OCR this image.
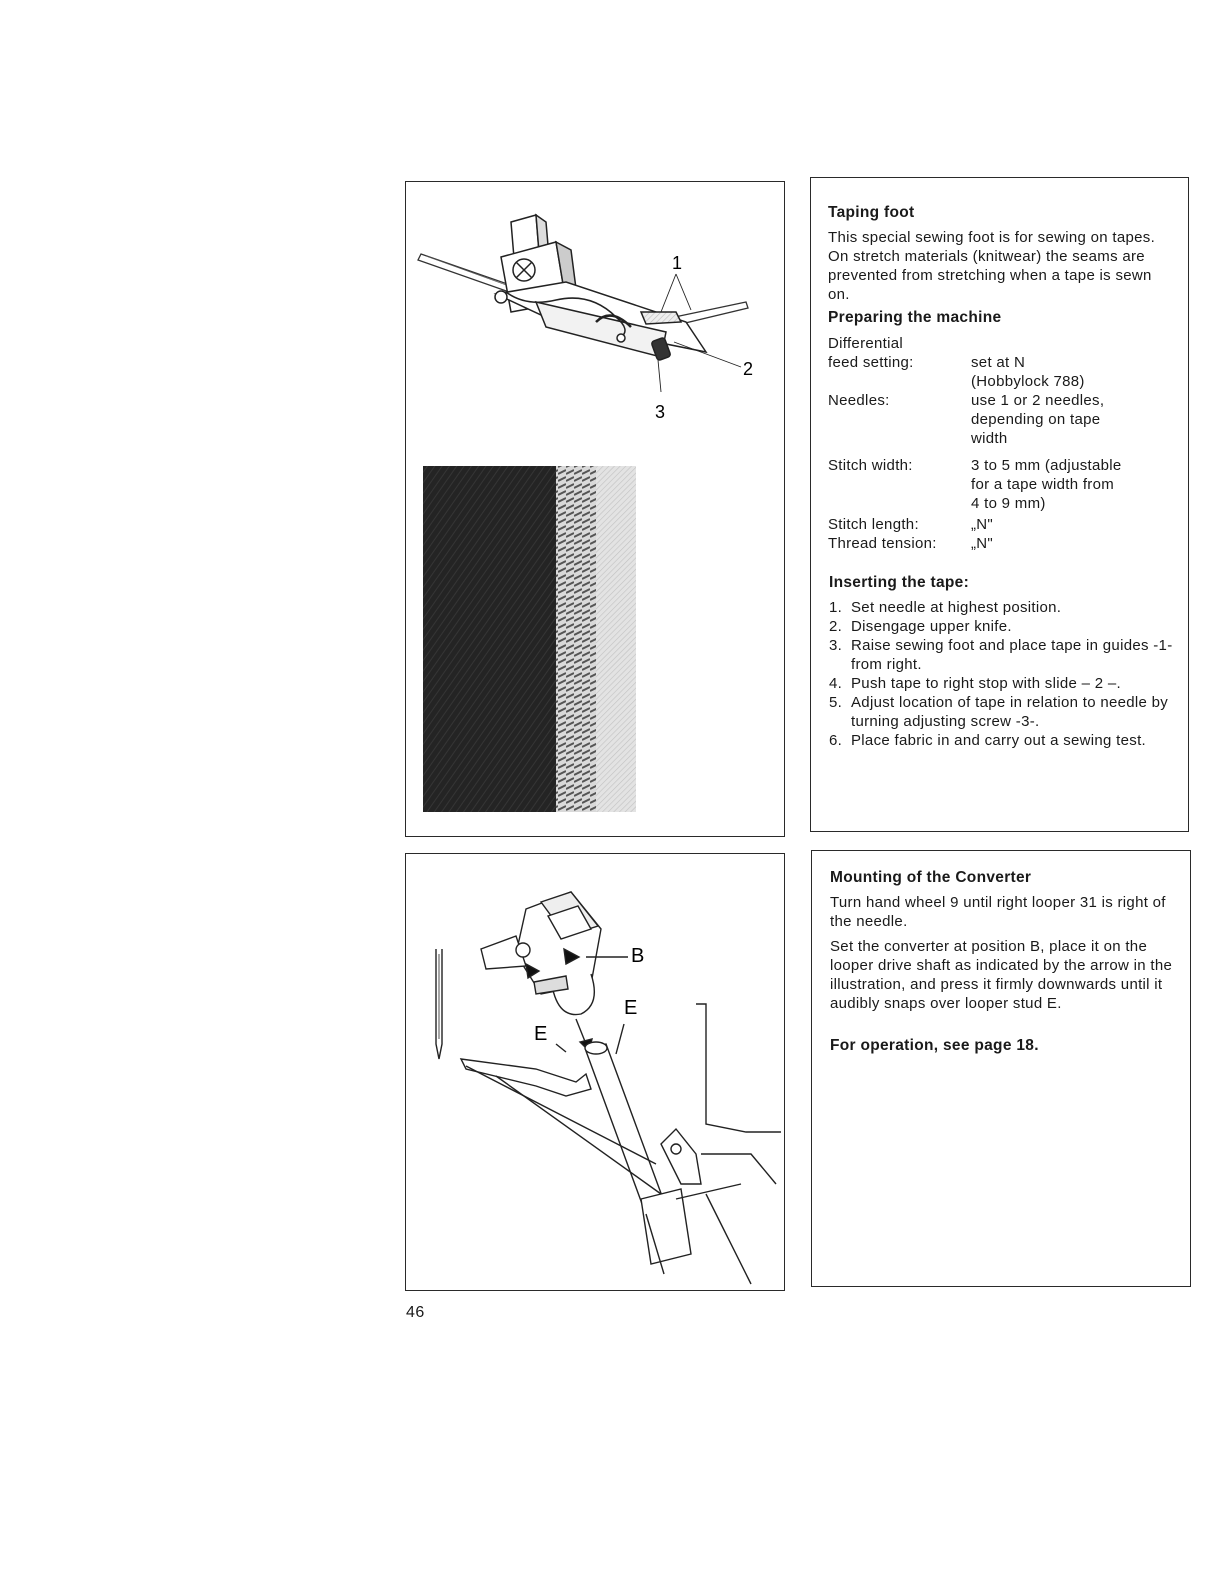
1
2
3
Taping foot
This special sewing foot is for sewing on tapes. On stretch materials (knitwear) the seams are prevented from stretching when a tape is sewn on.
Preparing the machine
Differential
feed setting:	set at N
(Hobbylock 788)
Needles:	use 1 or 2 needles,
depending on tape
width
Stitch width:	3 to 5 mm (adjustable
for a tape width from
4 to 9 mm)
Stitch length:	„N"
Thread tension:	„N"
Inserting the tape:
1. Set needle at highest position.
2. Disengage upper knife.
3. Raise sewing foot and place tape in guides -1- from right.
4. Push tape to right stop with slide – 2 –.
5. Adjust location of tape in relation to needle by turning adjusting screw -3-.
6. Place fabric in and carry out a sewing test.
B
E
E
Mounting of the Converter
Turn hand wheel 9 until right looper 31 is right of the needle.
Set the converter at position B, place it on the looper drive shaft as indicated by the arrow in the illustration, and press it firmly downwards until it audibly snaps over looper stud E.
For operation, see page 18.
46
